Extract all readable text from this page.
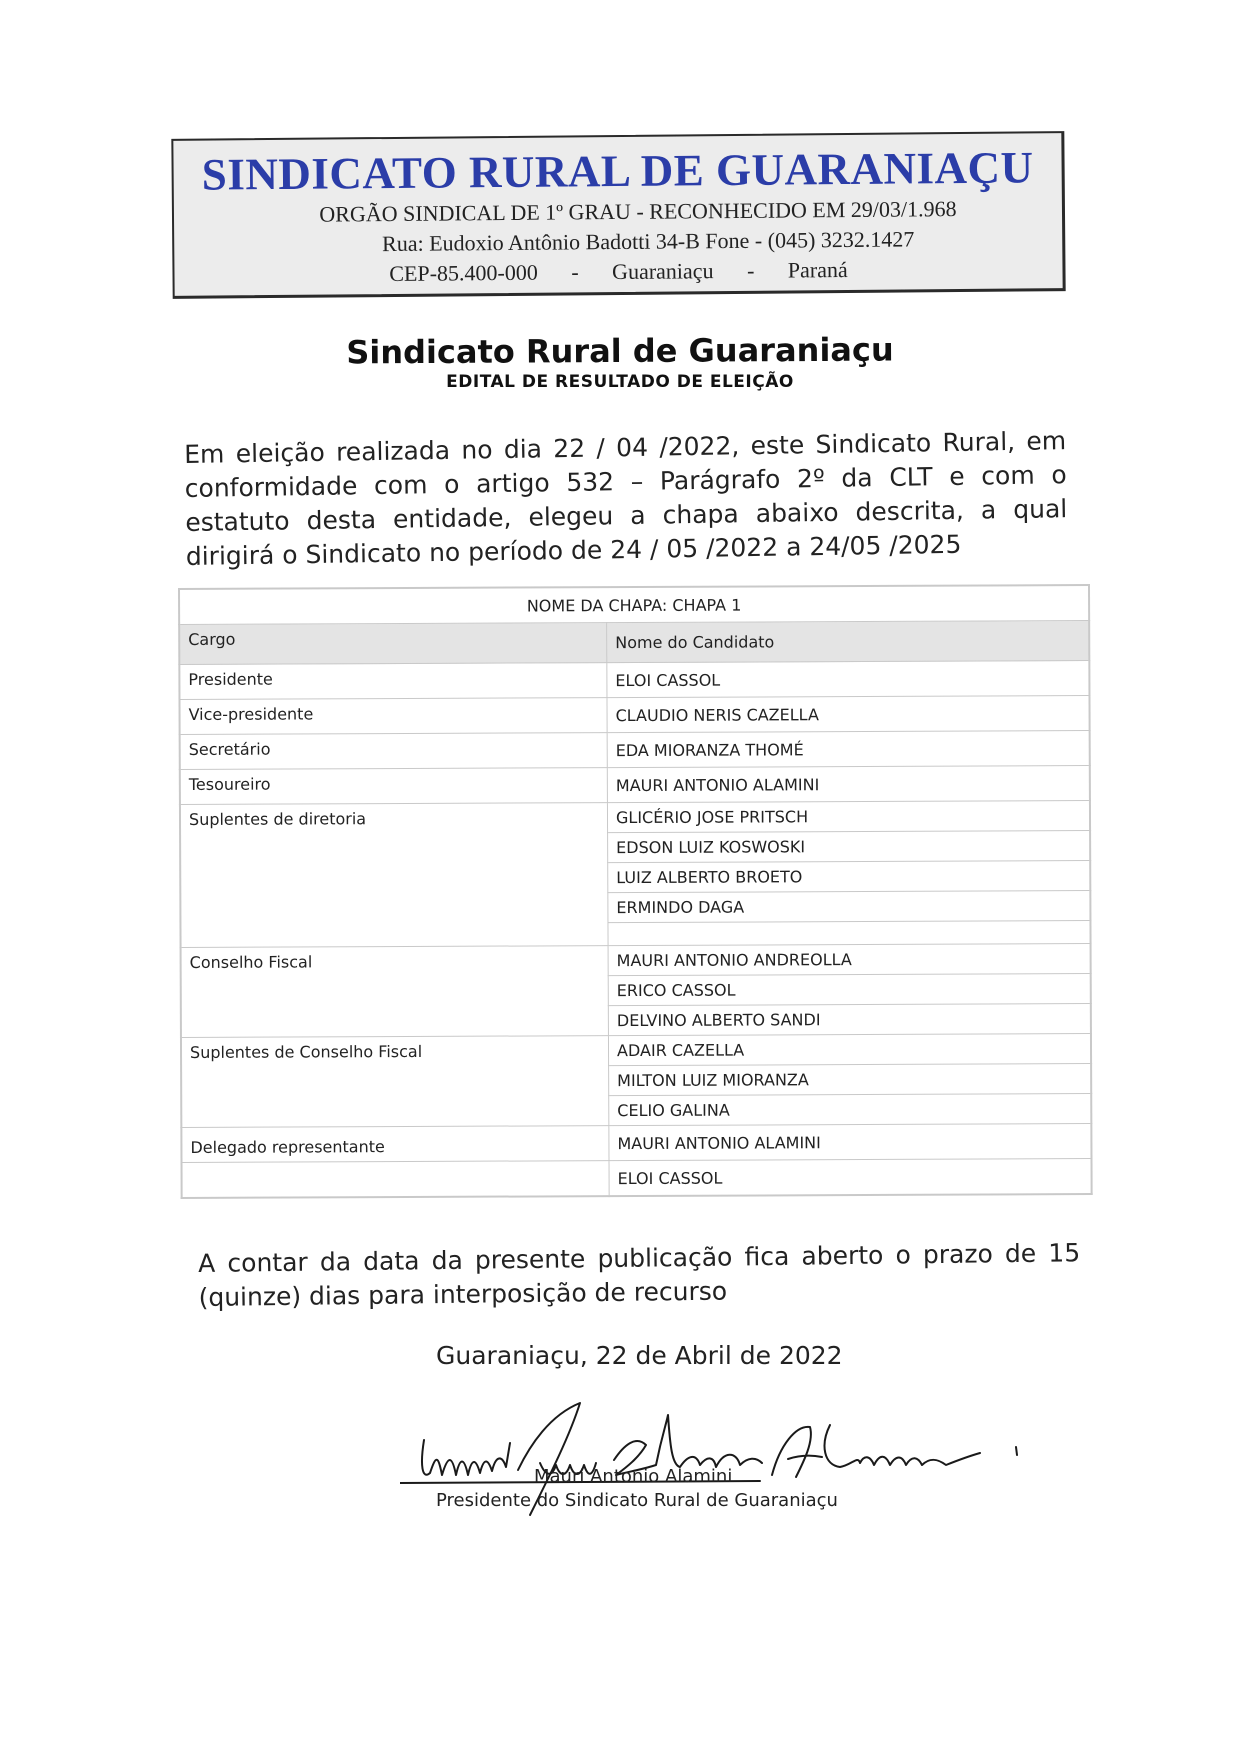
SINDICATO RURAL DE GUARANIAÇU
ORGÃO SINDICAL DE 1º GRAU - RECONHECIDO EM 29/03/1.968
Rua: Eudoxio Antônio Badotti 34-B Fone - (045) 3232.1427
CEP-85.400-000 - Guaraniaçu - Paraná
Sindicato Rural de Guaraniaçu
EDITAL DE RESULTADO DE ELEIÇÃO
Em eleição realizada no dia 22 / 04 /2022, este Sindicato Rural, em conformidade com o artigo 532 – Parágrafo 2º da CLT e com o estatuto desta entidade, elegeu a chapa abaixo descrita, a qual dirigirá o Sindicato no período de 24 / 05 /2022 a 24/05 /2025
NOME DA CHAPA: CHAPA 1	
Cargo	Nome do Candidato
Presidente	ELOI CASSOL
Vice-presidente	CLAUDIO NERIS CAZELLA
Secretário	EDA MIORANZA THOMÉ
Tesoureiro	MAURI ANTONIO ALAMINI
Suplentes de diretoria	GLICÉRIO JOSE PRITSCH
	EDSON LUIZ KOSWOSKI
	LUIZ ALBERTO BROETO
	ERMINDO DAGA

Conselho Fiscal	MAURI ANTONIO ANDREOLLA
	ERICO CASSOL
	DELVINO ALBERTO SANDI
Suplentes de Conselho Fiscal	ADAIR CAZELLA
	MILTON LUIZ MIORANZA
	CELIO GALINA
Delegado representante	MAURI ANTONIO ALAMINI
	ELOI CASSOL
A contar da data da presente publicação fica aberto o prazo de 15 (quinze) dias para interposição de recurso
Guaraniaçu, 22 de Abril de 2022
Mauri Antonio Alamini
Presidente do Sindicato Rural de Guaraniaçu
